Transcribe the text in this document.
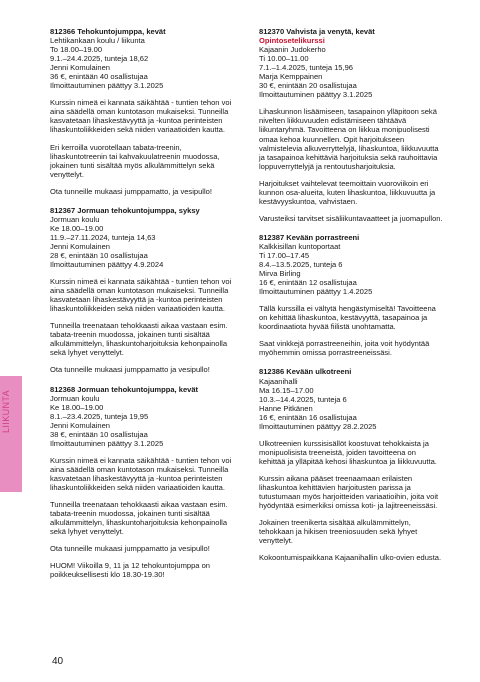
LIIKUNTA
812366 Tehokuntojumppa, kevät
Lehtikankaan koulu / liikunta
To 18.00–19.00
9.1.–24.4.2025, tunteja 18,62
Jenni Komulainen
36 €, enintään 40 osallistujaa
Ilmoittautuminen päättyy 3.1.2025
Kurssin nimeä ei kannata säikähtää - tuntien tehon voi aina säädellä oman kuntotason mukaiseksi. Tunneilla kasvatetaan lihaskestävyyttä ja -kuntoa perinteisten lihaskuntoliikkeiden sekä niiden variaatioiden kautta.
Eri kerroilla vuorotellaan tabata-treenin, lihaskuntotreenin tai kahvakuulatreenin muodossa, jokainen tunti sisältää myös alkulämmittelyn sekä venyttelyt.
Ota tunneille mukaasi jumppamatto, ja vesipullo!
812367 Jormuan tehokuntojumppa, syksy
Jormuan koulu
Ke 18.00–19.00
11.9.–27.11.2024, tunteja 14,63
Jenni Komulainen
28 €, enintään 10 osallistujaa
Ilmoittautuminen päättyy 4.9.2024
Kurssin nimeä ei kannata säikähtää - tuntien tehon voi aina säädellä oman kuntotason mukaiseksi. Tunneilla kasvatetaan lihaskestävyyttä ja -kuntoa perinteisten lihaskuntoliikkeiden sekä niiden variaatioiden kautta.
Tunneilla treenataan tehokkaasti aikaa vastaan esim. tabata-treenin muodossa, jokainen tunti sisältää alkulämmittelyn, lihaskuntoharjoituksia kehonpainolla sekä lyhyet venyttelyt.
Ota tunneille mukaasi jumppamatto ja vesipullo!
812368 Jormuan tehokuntojumppa, kevät
Jormuan koulu
Ke 18.00–19.00
8.1.–23.4.2025, tunteja 19,95
Jenni Komulainen
38 €, enintään 10 osallistujaa
Ilmoittautuminen päättyy 3.1.2025
Kurssin nimeä ei kannata säikähtää - tuntien tehon voi aina säädellä oman kuntotason mukaiseksi. Tunneilla kasvatetaan lihaskestävyyttä ja -kuntoa perinteisten lihaskuntoliikkeiden sekä niiden variaatioiden kautta.
Tunneilla treenataan tehokkaasti aikaa vastaan esim. tabata-treenin muodossa, jokainen tunti sisältää alkulämmittelyn, lihaskuntoharjoituksia kehonpainolla sekä lyhyet venyttelyt.
Ota tunneille mukaasi jumppamatto ja vesipullo!
HUOM! Viikoilla 9, 11 ja 12 tehokuntojumppa on poikkeuksellisesti klo 18.30-19.30!
812370 Vahvista ja venytä, kevät
Opintosetelikurssi
Kajaanin Judokerho
Ti 10.00–11.00
7.1.–1.4.2025, tunteja 15,96
Marja Kemppainen
30 €, enintään 20 osallistujaa
Ilmoittautuminen päättyy 3.1.2025
Lihaskunnon lisäämiseen, tasapainon ylläpitoon sekä nivelten liikkuvuuden edistämiseen tähtäävä liikuntaryhmä. Tavoitteena on liikkua monipuolisesti omaa kehoa kuunnellen. Opit harjoitukseen valmistelevia alkuverryttelyjä, lihaskuntoa, liikkuvuutta ja tasapainoa kehittäviä harjoituksia sekä rauhoittavia loppuverryttelyjä ja rentoutusharjoituksia.
Harjoitukset vaihtelevat teemoittain vuoroviikoin eri kunnon osa-alueita, kuten lihaskuntoa, liikkuvuutta ja kestävyyskuntoa, vahvistaen.
Varusteiksi tarvitset sisäliikuntavaatteet ja juomapullon.
812387 Kevään porrastreeni
Kalkkisillan kuntoportaat
Ti 17.00–17.45
8.4.–13.5.2025, tunteja 6
Mirva Birling
16 €, enintään 12 osallistujaa
Ilmoittautuminen päättyy 1.4.2025
Tällä kurssilla ei vältytä hengästymiseltä! Tavoitteena on kehittää lihaskuntoa, kestävyyttä, tasapainoa ja koordinaatiota hyvää fiilistä unohtamatta.
Saat vinkkejä porrastreeneihin, joita voit hyödyntää myöhemmin omissa porrastreeneissäsi.
812386 Kevään ulkotreeni
Kajaanihalli
Ma 16.15–17.00
10.3.–14.4.2025, tunteja 6
Hanne Pitkänen
16 €, enintään 16 osallistujaa
Ilmoittautuminen päättyy 28.2.2025
Ulkotreenien kurssisisällöt koostuvat tehokkaista ja monipuolisista treeneistä, joiden tavoitteena on kehittää ja ylläpitää kehosi lihaskuntoa ja liikkuvuutta.
Kurssin aikana pääset treenaamaan erilaisten lihaskuntoa kehittävien harjoitusten parissa ja tutustumaan myös harjoitteiden variaatioihin, joita voit hyödyntää esimerkiksi omissa koti- ja lajitreeneissäsi.
Jokainen treenikerta sisältää alkulämmittelyn, tehokkaan ja hikisen treeniosuuden sekä lyhyet venyttelyt.
Kokoontumispaikkana Kajaanihallin ulko-ovien edusta.
40
